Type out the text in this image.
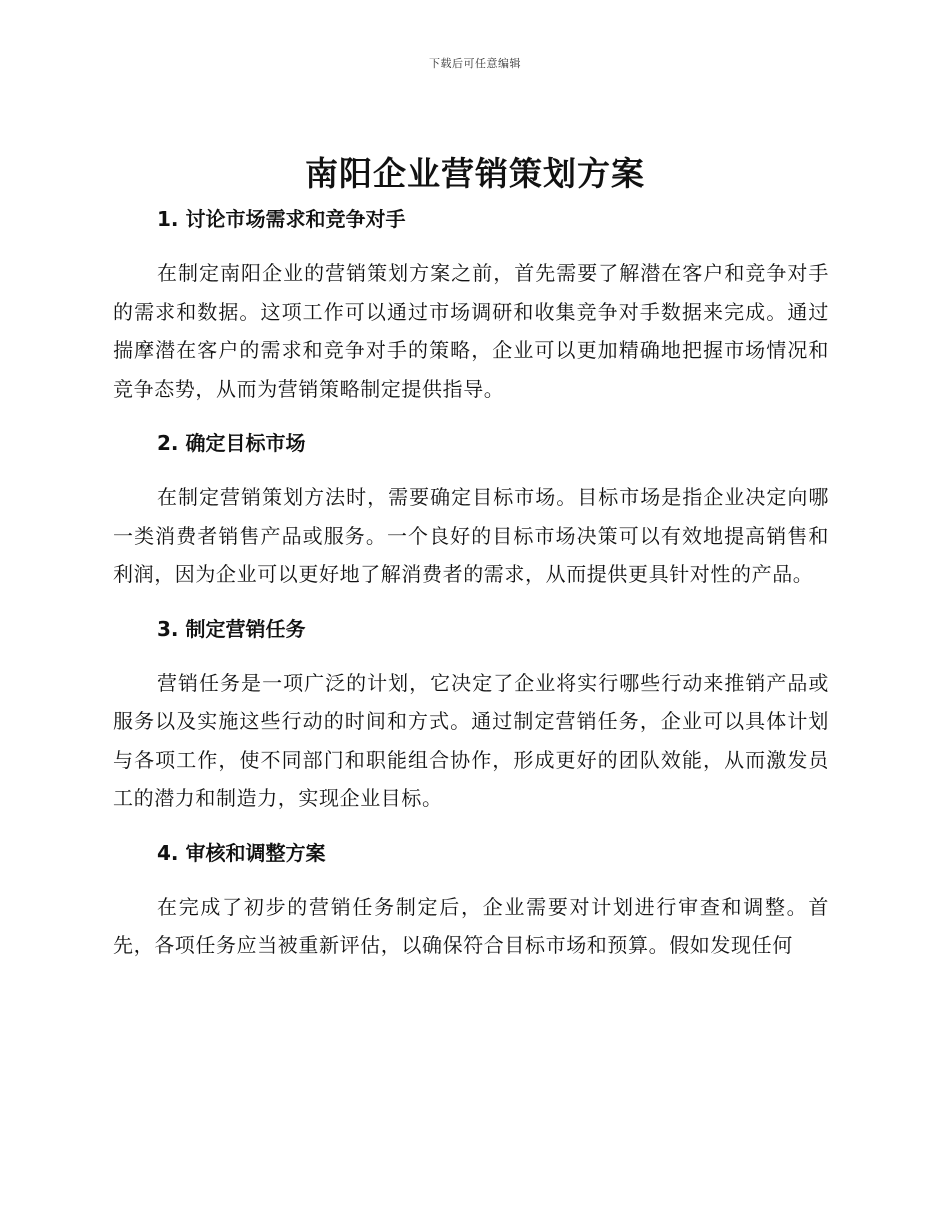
下载后可任意编辑
南阳企业营销策划方案
1. 讨论市场需求和竞争对手

在制定南阳企业的营销策划方案之前，首先需要了解潜在客户和竞争对手的需求和数据。这项工作可以通过市场调研和收集竞争对手数据来完成。通过揣摩潜在客户的需求和竞争对手的策略，企业可以更加精确地把握市场情况和竞争态势，从而为营销策略制定提供指导。

2. 确定目标市场

在制定营销策划方法时，需要确定目标市场。目标市场是指企业决定向哪一类消费者销售产品或服务。一个良好的目标市场决策可以有效地提高销售和利润，因为企业可以更好地了解消费者的需求，从而提供更具针对性的产品。

3. 制定营销任务

营销任务是一项广泛的计划，它决定了企业将实行哪些行动来推销产品或服务以及实施这些行动的时间和方式。通过制定营销任务，企业可以具体计划与各项工作，使不同部门和职能组合协作，形成更好的团队效能，从而激发员工的潜力和制造力，实现企业目标。

4. 审核和调整方案

在完成了初步的营销任务制定后，企业需要对计划进行审查和调整。首先，各项任务应当被重新评估，以确保符合目标市场和预算。假如发现任何
